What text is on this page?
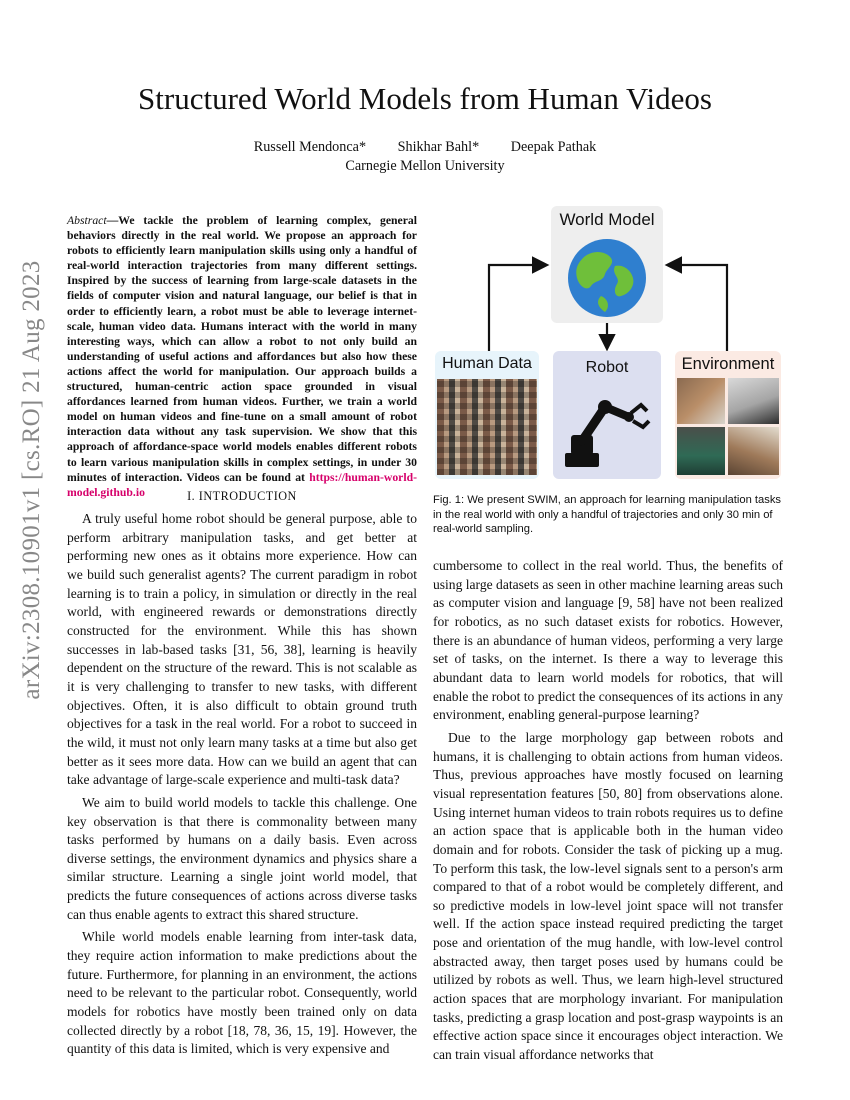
arXiv:2308.10901v1 [cs.RO] 21 Aug 2023
Structured World Models from Human Videos
Russell Mendonca* Shikhar Bahl* Deepak Pathak
Carnegie Mellon University
Abstract—We tackle the problem of learning complex, general behaviors directly in the real world. We propose an approach for robots to efficiently learn manipulation skills using only a handful of real-world interaction trajectories from many different settings. Inspired by the success of learning from large-scale datasets in the fields of computer vision and natural language, our belief is that in order to efficiently learn, a robot must be able to leverage internet-scale, human video data. Humans interact with the world in many interesting ways, which can allow a robot to not only build an understanding of useful actions and affordances but also how these actions affect the world for manipulation. Our approach builds a structured, human-centric action space grounded in visual affordances learned from human videos. Further, we train a world model on human videos and fine-tune on a small amount of robot interaction data without any task supervision. We show that this approach of affordance-space world models enables different robots to learn various manipulation skills in complex settings, in under 30 minutes of interaction. Videos can be found at https://human-world-model.github.io	I. INTRODUCTION

A truly useful home robot should be general purpose, able to perform arbitrary manipulation tasks, and get better at performing new ones as it obtains more experience. How can we build such generalist agents? The current paradigm in robot learning is to train a policy, in simulation or directly in the real world, with engineered rewards or demonstrations directly constructed for the environment. While this has shown successes in lab-based tasks [31, 56, 38], learning is heavily dependent on the structure of the reward. This is not scalable as it is very challenging to transfer to new tasks, with different objectives. Often, it is also difficult to obtain ground truth objectives for a task in the real world. For a robot to succeed in the wild, it must not only learn many tasks at a time but also get better as it sees more data. How can we build an agent that can take advantage of large-scale experience and multi-task data?

We aim to build world models to tackle this challenge. One key observation is that there is commonality between many tasks performed by humans on a daily basis. Even across diverse settings, the environment dynamics and physics share a similar structure. Learning a single joint world model, that predicts the future consequences of actions across diverse tasks can thus enable agents to extract this shared structure.

While world models enable learning from inter-task data, they require action information to make predictions about the future. Furthermore, for planning in an environment, the actions need to be relevant to the particular robot. Consequently, world models for robotics have mostly been trained only on data collected directly by a robot [18, 78, 36, 15, 19]. However, the quantity of this data is limited, which is very expensive and

World Model
Human Data	Robot	Environment
Fig. 1: We present SWIM, an approach for learning manipulation tasks in the real world with only a handful of trajectories and only 30 min of real-world sampling.

cumbersome to collect in the real world. Thus, the benefits of using large datasets as seen in other machine learning areas such as computer vision and language [9, 58] have not been realized for robotics, as no such dataset exists for robotics. However, there is an abundance of human videos, performing a very large set of tasks, on the internet. Is there a way to leverage this abundant data to learn world models for robotics, that will enable the robot to predict the consequences of its actions in any environment, enabling general-purpose learning?

Due to the large morphology gap between robots and humans, it is challenging to obtain actions from human videos. Thus, previous approaches have mostly focused on learning visual representation features [50, 80] from observations alone. Using internet human videos to train robots requires us to define an action space that is applicable both in the human video domain and for robots. Consider the task of picking up a mug. To perform this task, the low-level signals sent to a person's arm compared to that of a robot would be completely different, and so predictive models in low-level joint space will not transfer well. If the action space instead required predicting the target pose and orientation of the mug handle, with low-level control abstracted away, then target poses used by humans could be utilized by robots as well. Thus, we learn high-level structured action spaces that are morphology invariant. For manipulation tasks, predicting a grasp location and post-grasp waypoints is an effective action space since it encourages object interaction. We can train visual affordance networks that
